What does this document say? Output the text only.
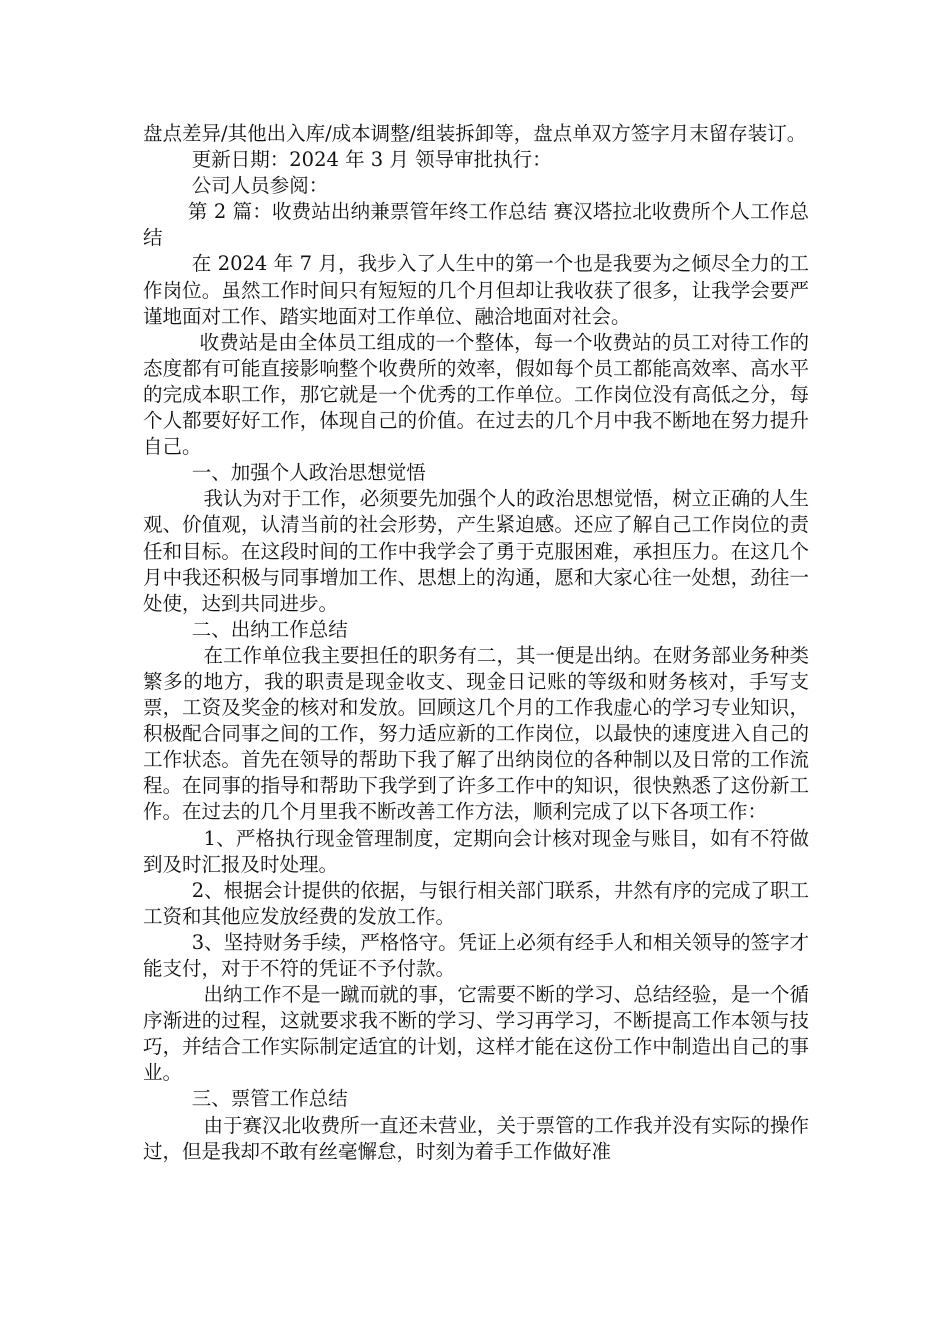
盘点差异/其他出入库/成本调整/组装拆卸等，盘点单双方签字月末留存装订。

更新日期：2024 年 3 月 领导审批执行：

公司人员参阅：

第 2 篇：收费站出纳兼票管年终工作总结 赛汉塔拉北收费所个人工作总结

在 2024 年 7 月，我步入了人生中的第一个也是我要为之倾尽全力的工作岗位。虽然工作时间只有短短的几个月但却让我收获了很多，让我学会要严谨地面对工作、踏实地面对工作单位、融洽地面对社会。

收费站是由全体员工组成的一个整体，每一个收费站的员工对待工作的态度都有可能直接影响整个收费所的效率，假如每个员工都能高效率、高水平的完成本职工作，那它就是一个优秀的工作单位。工作岗位没有高低之分，每个人都要好好工作，体现自己的价值。在过去的几个月中我不断地在努力提升自己。

一、加强个人政治思想觉悟

我认为对于工作，必须要先加强个人的政治思想觉悟，树立正确的人生观、价值观，认清当前的社会形势，产生紧迫感。还应了解自己工作岗位的责任和目标。在这段时间的工作中我学会了勇于克服困难，承担压力。在这几个月中我还积极与同事增加工作、思想上的沟通，愿和大家心往一处想，劲往一处使，达到共同进步。

二、出纳工作总结

在工作单位我主要担任的职务有二，其一便是出纳。在财务部业务种类繁多的地方，我的职责是现金收支、现金日记账的等级和财务核对，手写支票，工资及奖金的核对和发放。回顾这几个月的工作我虚心的学习专业知识，积极配合同事之间的工作，努力适应新的工作岗位，以最快的速度进入自己的工作状态。首先在领导的帮助下我了解了出纳岗位的各种制以及日常的工作流程。在同事的指导和帮助下我学到了许多工作中的知识，很快熟悉了这份新工作。在过去的几个月里我不断改善工作方法，顺利完成了以下各项工作：

1、严格执行现金管理制度，定期向会计核对现金与账目，如有不符做到及时汇报及时处理。

2、根据会计提供的依据，与银行相关部门联系，井然有序的完成了职工工资和其他应发放经费的发放工作。

3、坚持财务手续，严格恪守。凭证上必须有经手人和相关领导的签字才能支付，对于不符的凭证不予付款。

出纳工作不是一蹴而就的事，它需要不断的学习、总结经验，是一个循序渐进的过程，这就要求我不断的学习、学习再学习，不断提高工作本领与技巧，并结合工作实际制定适宜的计划，这样才能在这份工作中制造出自己的事业。

三、票管工作总结

由于赛汉北收费所一直还未营业，关于票管的工作我并没有实际的操作过，但是我却不敢有丝毫懈怠，时刻为着手工作做好准
